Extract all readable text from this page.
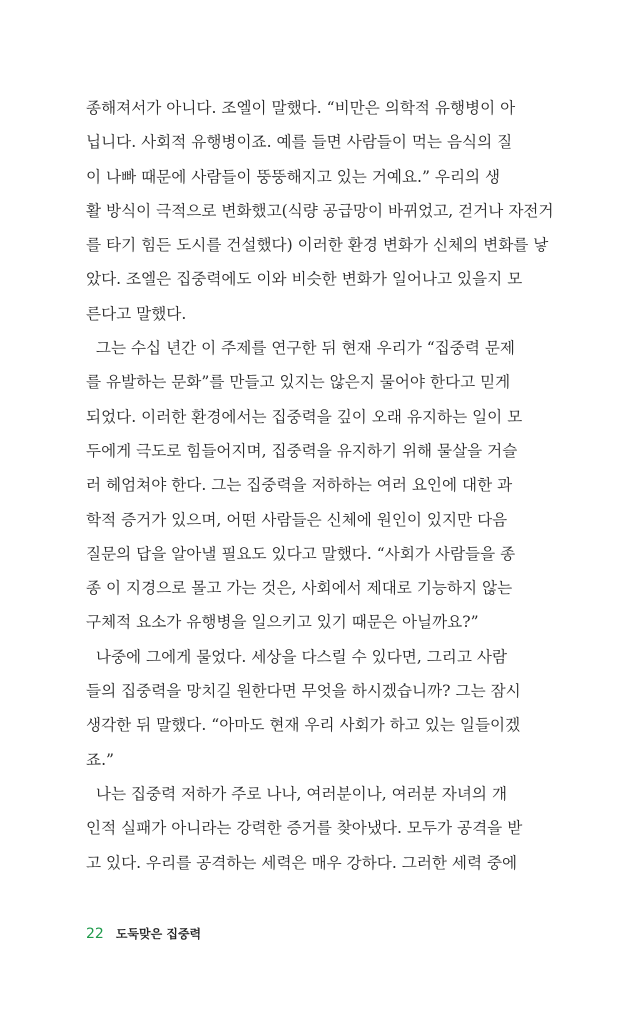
종해져서가 아니다. 조엘이 말했다. “비만은 의학적 유행병이 아
닙니다. 사회적 유행병이죠. 예를 들면 사람들이 먹는 음식의 질
이 나빠 때문에 사람들이 뚱뚱해지고 있는 거예요.” 우리의 생
활 방식이 극적으로 변화했고(식량 공급망이 바뀌었고, 걷거나 자전거
를 타기 힘든 도시를 건설했다) 이러한 환경 변화가 신체의 변화를 낳
았다. 조엘은 집중력에도 이와 비슷한 변화가 일어나고 있을지 모
른다고 말했다.
그는 수십 년간 이 주제를 연구한 뒤 현재 우리가 “집중력 문제
를 유발하는 문화”를 만들고 있지는 않은지 물어야 한다고 믿게
되었다. 이러한 환경에서는 집중력을 깊이 오래 유지하는 일이 모
두에게 극도로 힘들어지며, 집중력을 유지하기 위해 물살을 거슬
러 헤엄쳐야 한다. 그는 집중력을 저하하는 여러 요인에 대한 과
학적 증거가 있으며, 어떤 사람들은 신체에 원인이 있지만 다음
질문의 답을 알아낼 필요도 있다고 말했다. “사회가 사람들을 종
종 이 지경으로 몰고 가는 것은, 사회에서 제대로 기능하지 않는
구체적 요소가 유행병을 일으키고 있기 때문은 아닐까요?”
나중에 그에게 물었다. 세상을 다스릴 수 있다면, 그리고 사람
들의 집중력을 망치길 원한다면 무엇을 하시겠습니까? 그는 잠시
생각한 뒤 말했다. “아마도 현재 우리 사회가 하고 있는 일들이겠
죠.”
나는 집중력 저하가 주로 나나, 여러분이나, 여러분 자녀의 개
인적 실패가 아니라는 강력한 증거를 찾아냈다. 모두가 공격을 받
고 있다. 우리를 공격하는 세력은 매우 강하다. 그러한 세력 중에
22 도둑맞은 집중력
